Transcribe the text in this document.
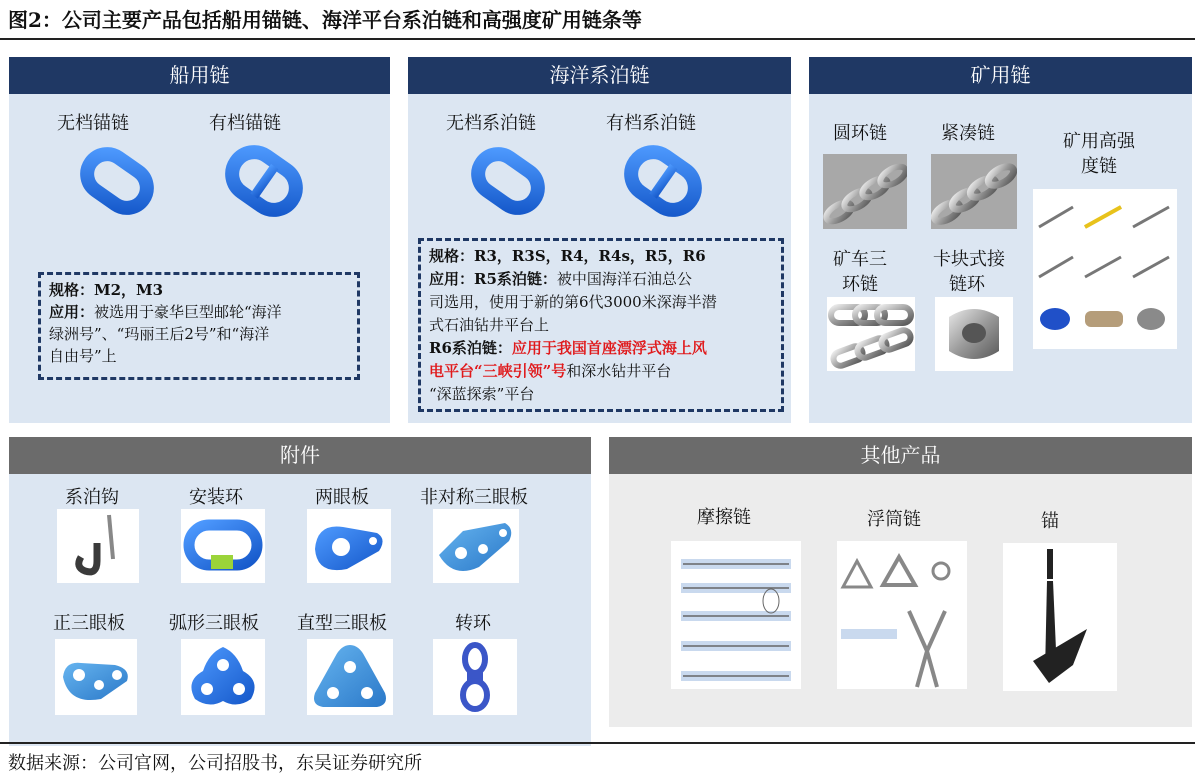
图2：公司主要产品包括船用锚链、海洋平台系泊链和高强度矿用链条等
船用链
无档锚链	有档锚链
规格：M2，M3
应用：被选用于豪华巨型邮轮“海洋
绿洲号”、“玛丽王后2号”和“海洋
自由号”上
海洋系泊链
无档系泊链	有档系泊链
规格：R3，R3S，R4，R4s，R5，R6
应用：R5系泊链：被中国海洋石油总公
司选用，使用于新的第6代3000米深海半潜
式石油钻井平台上
R6系泊链：应用于我国首座漂浮式海上风
电平台“三峡引领”号和深水钻井平台
“深蓝探索”平台
矿用链
圆环链	紧凑链	矿用高强
度链
矿车三
环链
卡块式接
链环
附件
系泊钩	安装环	两眼板	非对称三眼板
正三眼板 弧形三眼板 直型三眼板	转环
其他产品
摩擦链	浮筒链	锚
数据来源：公司官网，公司招股书，东吴证券研究所
